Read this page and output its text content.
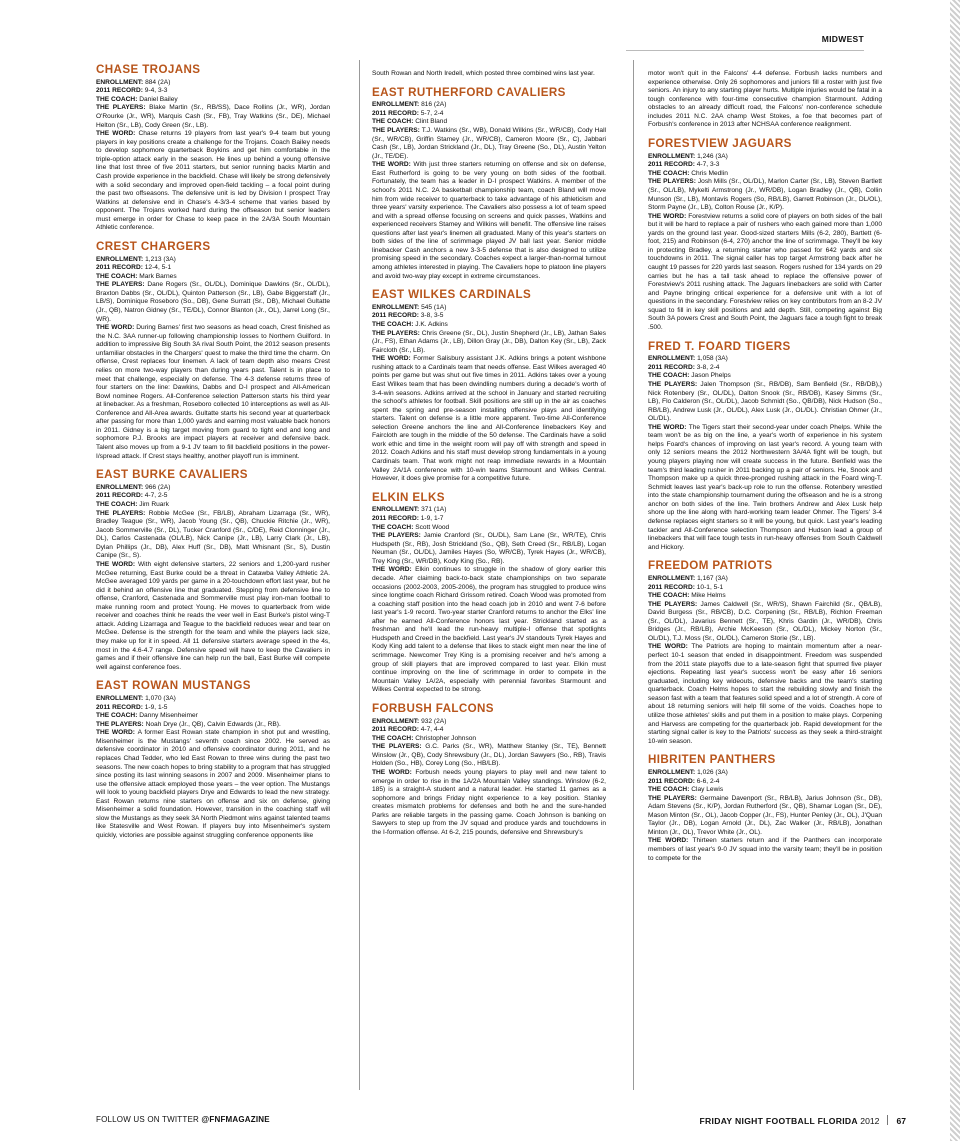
MIDWEST
CHASE TROJANS

ENROLLMENT: 884 (2A)

2011 RECORD: 9-4, 3-3

THE COACH: Daniel Bailey

THE PLAYERS: Blake Martin (Sr., RB/SS), Dace Rollins (Jr., WR), Jordan O'Rourke (Jr., WR), Marquis Cash (Sr., FB), Tray Watkins (Sr., DE), Michael Helton (Sr., LB), Cody Green (Sr., LB).

THE WORD: Chase returns 19 players from last year's 9-4 team but young players in key positions create a challenge for the Trojans. Coach Bailey needs to develop sophomore quarterback Boykins and get him comfortable in the triple-option attack early in the season. He lines up behind a young offensive line that lost three of five 2011 starters, but senior running backs Martin and Cash provide experience in the backfield. Chase will likely be strong defensively with a solid secondary and improved open-field tackling – a focal point during the past two offseasons. The defensive unit is led by Division I prospect Tray Watkins at defensive end in Chase's 4-3/3-4 scheme that varies based by opponent. The Trojans worked hard during the offseason but senior leaders must emerge in order for Chase to keep pace in the 2A/3A South Mountain Athletic conference.

CREST CHARGERS

ENROLLMENT: 1,213 (3A)

2011 RECORD: 12-4, 5-1

THE COACH: Mark Barnes

THE PLAYERS: Dane Rogers (Sr., OL/DL), Dominique Dawkins (Sr., OL/DL), Braxton Dabbs (Sr., OL/DL), Quinton Patterson (Sr., LB), Gabe Biggerstaff (Jr., LB/S), Dominique Roseboro (So., DB), Gene Surratt (Sr., DB), Michael Gultatte (Jr., QB), Natron Gidney (Sr., TE/DL), Connor Blanton (Jr., OL), Jarrel Long (Sr., WR).

THE WORD: During Barnes' first two seasons as head coach, Crest finished as the N.C. 3AA runner-up following championship losses to Northern Guilford. In addition to impressive Big South 3A rival South Point, the 2012 season presents unfamiliar obstacles in the Chargers' quest to make the third time the charm. On offense, Crest replaces four linemen. A lack of team depth also means Crest relies on more two-way players than during years past. Talent is in place to meet that challenge, especially on defense. The 4-3 defense returns three of four starters on the line: Dawkins, Dabbs and D-I prospect and All-American Bowl nominee Rogers. All-Conference selection Patterson starts his third year at linebacker. As a freshman, Roseboro collected 10 interceptions as well as All-Conference and All-Area awards. Gultatte starts his second year at quarterback after passing for more than 1,000 yards and earning most valuable back honors in 2011. Gidney is a big target moving from guard to tight end and long and sophomore P.J. Brooks are impact players at receiver and defensive back. Talent also moves up from a 9-1 JV team to fill backfield positions in the power-I/spread attack. If Crest stays healthy, another playoff run is imminent.

EAST BURKE CAVALIERS

ENROLLMENT: 966 (2A)

2011 RECORD: 4-7, 2-5

THE COACH: Jim Ruark

THE PLAYERS: Robbie McGee (Sr., FB/LB), Abraham Lizarraga (Sr., WR), Bradley Teague (Sr., WR), Jacob Young (Sr., QB), Chuckie Ritchie (Jr., WR), Jacob Sommerville (Sr., DL), Tucker Cranford (Sr., C/DE), Reid Clonninger (Jr., DL), Carlos Castenada (OL/LB), Nick Canipe (Jr., LB), Larry Clark (Jr., LB), Dylan Phillips (Jr., DB), Alex Huff (Sr., DB), Matt Whisnant (Sr., S), Dustin Canipe (Sr., S).

THE WORD: With eight defensive starters, 22 seniors and 1,200-yard rusher McGee returning, East Burke could be a threat in Catawba Valley Athletic 2A. McGee averaged 109 yards per game in a 20-touchdown effort last year, but he did it behind an offensive line that graduated. Stepping from defensive line to offense, Cranford, Castenada and Sommerville must play iron-man football to make running room and protect Young. He moves to quarterback from wide receiver and coaches think he reads the veer well in East Burke's pistol wing-T attack. Adding Lizarraga and Teague to the backfield reduces wear and tear on McGee. Defense is the strength for the team and while the players lack size, they make up for it in speed. All 11 defensive starters average speed in the 4s, most in the 4.6-4.7 range. Defensive speed will have to keep the Cavaliers in games and if their offensive line can help run the ball, East Burke will compete well against conference foes.

EAST ROWAN MUSTANGS

ENROLLMENT: 1,070 (3A)

2011 RECORD: 1-9, 1-5

THE COACH: Danny Misenheimer

THE PLAYERS: Noah Drye (Jr., QB), Calvin Edwards (Jr., RB).

THE WORD: A former East Rowan state champion in shot put and wrestling, Misenheimer is the Mustangs' seventh coach since 2002. He served as defensive coordinator in 2010 and offensive coordinator during 2011, and he replaces Chad Tedder, who led East Rowan to three wins during the past two seasons. The new coach hopes to bring stability to a program that has struggled since posting its last winning seasons in 2007 and 2009. Misenheimer plans to use the offensive attack employed those years – the veer option. The Mustangs will look to young backfield players Drye and Edwards to lead the new strategy. East Rowan returns nine starters on offense and six on defense, giving Misenheimer a solid foundation. However, transition in the coaching staff will slow the Mustangs as they seek 3A North Piedmont wins against talented teams like Statesville and West Rowan. If players buy into Misenheimer's system quickly, victories are possible against struggling conference opponents like

South Rowan and North Iredell, which posted three combined wins last year.

EAST RUTHERFORD CAVALIERS

ENROLLMENT: 816 (2A)

2011 RECORD: 5-7, 2-4

THE COACH: Clint Bland

THE PLAYERS: T.J. Watkins (Sr., WB), Donald Wilkins (Sr., WR/CB), Cody Hall (Sr., WR/CB), Griffin Stamey (Jr., WR/CB), Cameron Moore (Sr., C), Jabbari Cash (Sr., LB), Jordan Strickland (Jr., DL), Tray Greene (So., DL), Austin Yelton (Jr., TE/DE).

THE WORD: With just three starters returning on offense and six on defense, East Rutherford is going to be very young on both sides of the football. Fortunately, the team has a leader in D-I prospect Watkins. A member of the school's 2011 N.C. 2A basketball championship team, coach Bland will move him from wide receiver to quarterback to take advantage of his athleticism and three years' varsity experience. The Cavaliers also possess a lot of team speed and with a spread offense focusing on screens and quick passes, Watkins and experienced receivers Stamey and Wilkins will benefit. The offensive line raises questions after last year's linemen all graduated. Many of this year's starters on both sides of the line of scrimmage played JV ball last year. Senior middle linebacker Cash anchors a new 3-3-5 defense that is also designed to utilize promising speed in the secondary. Coaches expect a larger-than-normal turnout among athletes interested in playing. The Cavaliers hope to platoon line players and avoid two-way play except in extreme circumstances.

EAST WILKES CARDINALS

ENROLLMENT: 545 (1A)

2011 RECORD: 3-8, 3-5

THE COACH: J.K. Adkins

THE PLAYERS: Chris Greene (Sr., DL), Justin Shepherd (Jr., LB), Jathan Sales (Jr., FS), Ethan Adams (Jr., LB), Dillon Gray (Jr., DB), Dalton Key (Sr., LB), Zack Faircloth (Sr., LB).

THE WORD: Former Salisbury assistant J.K. Adkins brings a potent wishbone rushing attack to a Cardinals team that needs offense. East Wilkes averaged 40 points per game but was shut out five times in 2011. Adkins takes over a young East Wilkes team that has been dwindling numbers during a decade's worth of 3-4-win seasons. Adkins arrived at the school in January and started recruiting the school's athletes for football. Skill positions are still up in the air as coaches spent the spring and pre-season installing offensive plays and identifying starters. Talent on defense is a little more apparent. Two-time All-Conference selection Greene anchors the line and All-Conference linebackers Key and Faircloth are tough in the middle of the 50 defense. The Cardinals have a solid work ethic and time in the weight room will pay off with strength and speed in 2012. Coach Adkins and his staff must develop strong fundamentals in a young Cardinals team. That work might not reap immediate rewards in a Mountain Valley 2A/1A conference with 10-win teams Starmount and Wilkes Central. However, it does give promise for a competitive future.

ELKIN ELKS

ENROLLMENT: 371 (1A)

2011 RECORD: 1-9, 1-7

THE COACH: Scott Wood

THE PLAYERS: Jamie Cranford (Sr., OL/DL), Sam Lane (Sr., WR/TE), Chris Hudspeth (Sr., RB), Josh Strickland (So., QB), Seth Creed (Sr., RB/LB), Logan Neuman (Sr., OL/DL), Jamiles Hayes (So, WR/CB), Tyrek Hayes (Jr., WR/CB), Trey King (Sr., WR/DB), Kody King (So., RB).

THE WORD: Elkin continues to struggle in the shadow of glory earlier this decade. After claiming back-to-back state championships on two separate occasions (2002-2003, 2005-2006), the program has struggled to produce wins since longtime coach Richard Grissom retired. Coach Wood was promoted from a coaching staff position into the head coach job in 2010 and went 7-6 before last year's 1-9 record. Two-year starter Cranford returns to anchor the Elks' line after he earned All-Conference honors last year. Strickland started as a freshman and he'll lead the run-heavy multiple-I offense that spotlights Hudspeth and Creed in the backfield. Last year's JV standouts Tyrek Hayes and Kody King add talent to a defense that likes to stack eight men near the line of scrimmage. Newcomer Trey King is a promising receiver and he's among a group of skill players that are improved compared to last year. Elkin must continue improving on the line of scrimmage in order to compete in the Mountain Valley 1A/2A, especially with perennial favorites Starmount and Wilkes Central expected to be strong.

FORBUSH FALCONS

ENROLLMENT: 932 (2A)

2011 RECORD: 4-7, 4-4

THE COACH: Christopher Johnson

THE PLAYERS: G.C. Parks (Sr., WR), Matthew Stanley (Sr., TE), Bennett Winslow (Jr., QB), Cody Shrewsbury (Jr., DL), Jordan Sawyers (So., RB), Travis Holden (So., HB), Corey Long (So., HB/LB).

THE WORD: Forbush needs young players to play well and new talent to emerge in order to rise in the 1A/2A Mountain Valley standings. Winslow (6-2, 185) is a straight-A student and a natural leader. He started 11 games as a sophomore and brings Friday night experience to a key position. Stanley creates mismatch problems for defenses and both he and the sure-handed Parks are reliable targets in the passing game. Coach Johnson is banking on Sawyers to step up from the JV squad and produce yards and touchdowns in the I-formation offense. At 6-2, 215 pounds, defensive end Shrewsbury's

motor won't quit in the Falcons' 4-4 defense. Forbush lacks numbers and experience otherwise. Only 26 sophomores and juniors fill a roster with just five seniors. An injury to any starting player hurts. Multiple injuries would be fatal in a tough conference with four-time consecutive champion Starmount. Adding obstacles to an already difficult road, the Falcons' non-conference schedule includes 2011 N.C. 2AA champ West Stokes, a foe that becomes part of Forbush's conference in 2013 after NCHSAA conference realignment.

FORESTVIEW JAGUARS

ENROLLMENT: 1,246 (3A)

2011 RECORD: 4-7, 3-3

THE COACH: Chris Medlin

THE PLAYERS: Josh Mills (Sr., OL/DL), Marlon Carter (Sr., LB), Steven Bartlett (Sr., OL/LB), Mykelti Armstrong (Jr., WR/DB), Logan Bradley (Jr., QB), Collin Munson (Sr., LB), Montavis Rogers (So, RB/LB), Garrett Robinson (Jr., DL/OL), Storm Payne (Jr., LB), Colton Rouse (Jr., K/P).

THE WORD: Forestview returns a solid core of players on both sides of the ball but it will be hard to replace a pair of rushers who each gained more than 1,000 yards on the ground last year. Good-sized starters Mills (6-2, 280), Bartlett (6-foot, 215) and Robinson (6-4, 270) anchor the line of scrimmage. They'll be key in protecting Bradley, a returning starter who passed for 642 yards and six touchdowns in 2011. The signal caller has top target Armstrong back after he caught 19 passes for 220 yards last season. Rogers rushed for 134 yards on 29 carries but he has a tall task ahead to replace the offensive power of Forestview's 2011 rushing attack. The Jaguars linebackers are solid with Carter and Payne bringing critical experience for a defensive unit with a lot of questions in the secondary. Forestview relies on key contributors from an 8-2 JV squad to fill in key skill positions and add depth. Still, competing against Big South 3A powers Crest and South Point, the Jaguars face a tough fight to break .500.

FRED T. FOARD TIGERS

ENROLLMENT: 1,058 (3A)

2011 RECORD: 3-8, 2-4

THE COACH: Jason Phelps

THE PLAYERS: Jalen Thompson (Sr., RB/DB), Sam Benfield (Sr., RB/DB),) Nick Rotenbery (Sr., OL/DL), Dalton Snook (Sr., RB/DB), Kasey Simms (Sr., LB), Flo Calderon (Sr., OL/DL), Jacob Schmidt (So., QB/DB), Nick Hudson (So., RB/LB), Andrew Lusk (Jr., OL/DL), Alex Lusk (Jr., OL/DL). Christian Ohmer (Jr., OL/DL).

THE WORD: The Tigers start their second-year under coach Phelps. While the team won't be as big on the line, a year's worth of experience in his system helps Foard's chances of improving on last year's record. A young team with only 12 seniors means the 2012 Northwestern 3A/4A fight will be tough, but young players playing now will create success in the future. Benfield was the team's third leading rusher in 2011 backing up a pair of seniors. He, Snook and Thompson make up a quick three-pronged rushing attack in the Foard wing-T. Schmidt leaves last year's back-up role to run the offense. Rotenbery wrestled into the state championship tournament during the offseason and he is a strong anchor on both sides of the line. Twin brothers Andrew and Alex Lusk help shore up the line along with hard-working team leader Ohmer. The Tigers' 3-4 defense replaces eight starters so it will be young, but quick. Last year's leading tackler and All-Conference selection Thompson and Hudson lead a group of linebackers that will face tough tests in run-heavy offenses from South Caldwell and Hickory.

FREEDOM PATRIOTS

ENROLLMENT: 1,167 (3A)

2011 RECORD: 10-1, 5-1

THE COACH: Mike Helms

THE PLAYERS: James Caldwell (Sr., WR/S), Shawn Fairchild (Sr., QB/LB), David Burgess (Sr., RB/CB), D.C. Corpening (Sr., RB/LB), Richlon Freeman (Sr., OL/DL), Javarius Bennett (Sr., TE), Khris Gardin (Jr., WR/DB), Chris Bridges (Jr., RB/LB), Archie McKeeson (Sr., OL/DL), Mickey Norton (Sr., OL/DL), T.J. Moss (Sr., OL/DL), Cameron Storie (Sr., LB).

THE WORD: The Patriots are hoping to maintain momentum after a near-perfect 10-1 season that ended in disappointment. Freedom was suspended from the 2011 state playoffs due to a late-season fight that spurred five player ejections. Repeating last year's success won't be easy after 16 seniors graduated, including key wideouts, defensive backs and the team's starting quarterback. Coach Helms hopes to start the rebuilding slowly and finish the season fast with a team that features solid speed and a lot of strength. A core of about 18 returning seniors will help fill some of the voids. Coaches hope to utilize those athletes' skills and put them in a position to make plays. Corpening and Harvess are competing for the quarterback job. Rapid development for the starting signal caller is key to the Patriots' success as they seek a third-straight 10-win season.

HIBRITEN PANTHERS

ENROLLMENT: 1,026 (3A)

2011 RECORD: 6-6, 2-4

THE COACH: Clay Lewis

THE PLAYERS: Germaine Davenport (Sr., RB/LB), Jarius Johnson (Sr., DB), Adam Stevens (Sr., K/P), Jordan Rutherford (Sr., QB), Shamar Logan (Sr., DE), Mason Minton (Sr., OL), Jacob Copper (Jr., FS), Hunter Penley (Jr., OL), J'Quan Taylor (Jr., DB), Logan Arnold (Jr., DL), Zac Walker (Jr., RB/LB), Jonathan Minton (Jr., OL), Trevor White (Jr., OL).

THE WORD: Thirteen starters return and if the Panthers can incorporate members of last year's 9-0 JV squad into the varsity team; they'll be in position to compete for the

FOLLOW US ON TWITTER @FNFMAGAZINE	FRIDAY NIGHT FOOTBALL FLORIDA 2012 67
